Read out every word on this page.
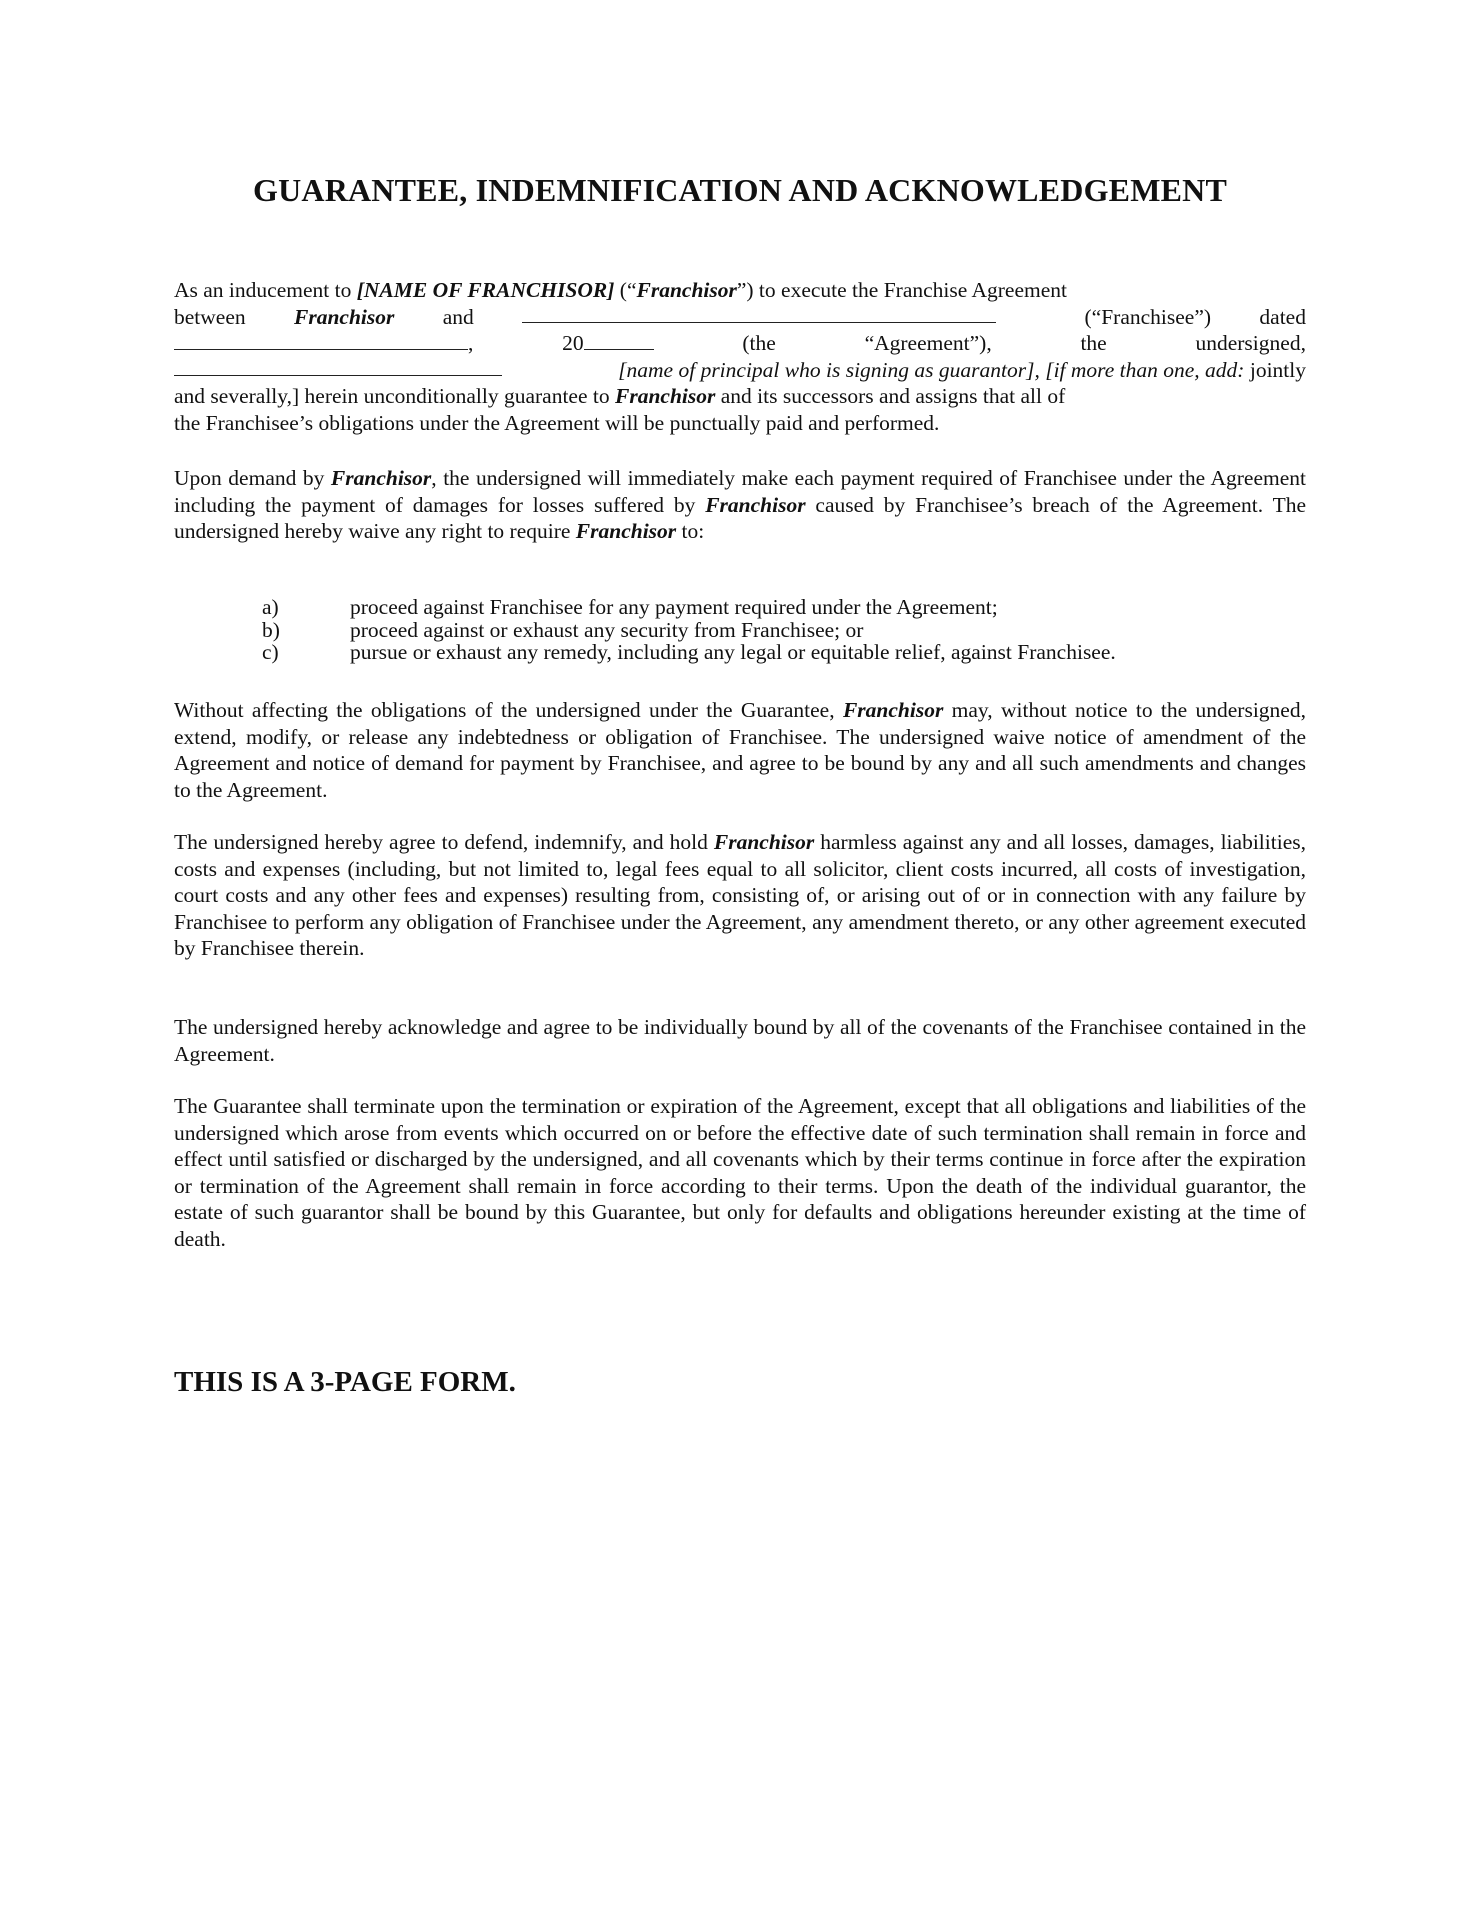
GUARANTEE, INDEMNIFICATION AND ACKNOWLEDGEMENT
As an inducement to [NAME OF FRANCHISOR] (“Franchisor”) to execute the Franchise Agreement
between Franchisor and	(“Franchisee”) dated
,	20	(the	“Agreement”),	the	undersigned,
[name of principal who is signing as guarantor], [if more than one, add: jointly
and severally,] herein unconditionally guarantee to Franchisor and its successors and assigns that all of
the Franchisee’s obligations under the Agreement will be punctually paid and performed.
Upon demand by Franchisor, the undersigned will immediately make each payment required of Franchisee under the Agreement including the payment of damages for losses suffered by Franchisor caused by Franchisee’s breach of the Agreement. The undersigned hereby waive any right to require Franchisor to:
a)	proceed against Franchisee for any payment required under the Agreement;
b)	proceed against or exhaust any security from Franchisee; or
c)	pursue or exhaust any remedy, including any legal or equitable relief, against Franchisee.
Without affecting the obligations of the undersigned under the Guarantee, Franchisor may, without notice to the undersigned, extend, modify, or release any indebtedness or obligation of Franchisee. The undersigned waive notice of amendment of the Agreement and notice of demand for payment by Franchisee, and agree to be bound by any and all such amendments and changes to the Agreement.
The undersigned hereby agree to defend, indemnify, and hold Franchisor harmless against any and all losses, damages, liabilities, costs and expenses (including, but not limited to, legal fees equal to all solicitor, client costs incurred, all costs of investigation, court costs and any other fees and expenses) resulting from, consisting of, or arising out of or in connection with any failure by Franchisee to perform any obligation of Franchisee under the Agreement, any amendment thereto, or any other agreement executed by Franchisee therein.
The undersigned hereby acknowledge and agree to be individually bound by all of the covenants of the Franchisee contained in the Agreement.
The Guarantee shall terminate upon the termination or expiration of the Agreement, except that all obligations and liabilities of the undersigned which arose from events which occurred on or before the effective date of such termination shall remain in force and effect until satisfied or discharged by the undersigned, and all covenants which by their terms continue in force after the expiration or termination of the Agreement shall remain in force according to their terms. Upon the death of the individual guarantor, the estate of such guarantor shall be bound by this Guarantee, but only for defaults and obligations hereunder existing at the time of death.
THIS IS A 3-PAGE FORM.
